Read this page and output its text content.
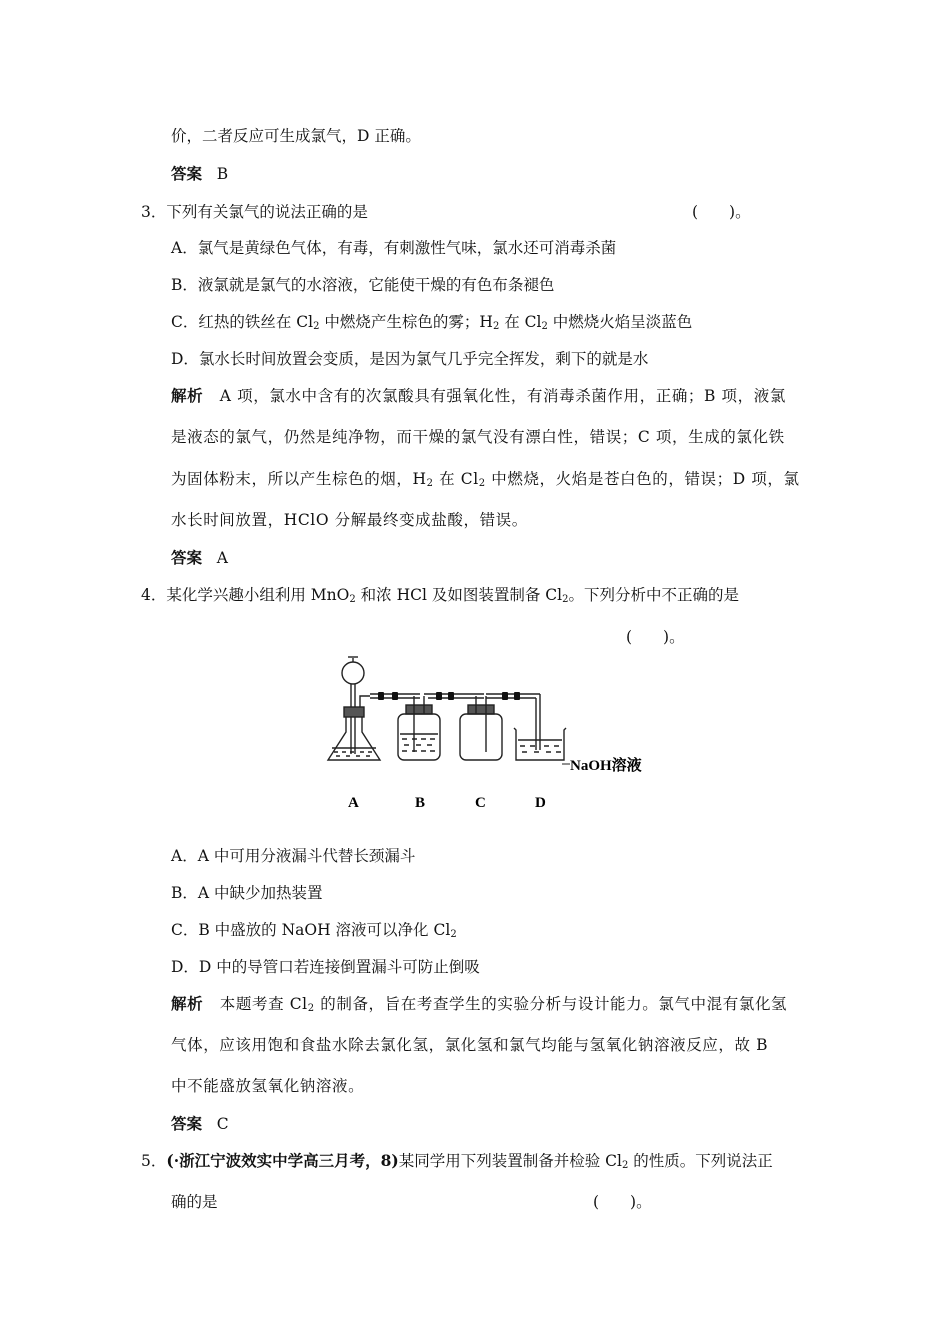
价，二者反应可生成氯气，D 正确。
答案 B
3．下列有关氯气的说法正确的是	(　　)。
A．氯气是黄绿色气体，有毒，有刺激性气味，氯水还可消毒杀菌
B．液氯就是氯气的水溶液，它能使干燥的有色布条褪色
C．红热的铁丝在 $Cl_2$ 中燃烧产生棕色的雾；$H_2$ 在 $Cl_2$ 中燃烧火焰呈淡蓝色
D．氯水长时间放置会变质，是因为氯气几乎完全挥发，剩下的就是水
解析 A 项，氯水中含有的次氯酸具有强氧化性，有消毒杀菌作用，正确；B 项，液氯
是液态的氯气，仍然是纯净物，而干燥的氯气没有漂白性，错误；C 项，生成的氯化铁
为固体粉末，所以产生棕色的烟，$H_2$ 在 $Cl_2$ 中燃烧，火焰是苍白色的，错误；D 项，氯
水长时间放置，HClO 分解最终变成盐酸，错误。
答案 A
4．某化学兴趣小组利用 MnO$_2$ 和浓 HCl 及如图装置制备 $Cl_2$。下列分析中不正确的是
(　　)。
A	B	C	D
NaOH溶液
A．A 中可用分液漏斗代替长颈漏斗
B．A 中缺少加热装置
C．B 中盛放的 NaOH 溶液可以净化 $Cl_2$
D．D 中的导管口若连接倒置漏斗可防止倒吸
解析 本题考查 $Cl_2$ 的制备，旨在考查学生的实验分析与设计能力。氯气中混有氯化氢
气体，应该用饱和食盐水除去氯化氢，氯化氢和氯气均能与氢氧化钠溶液反应，故 B
中不能盛放氢氧化钠溶液。
答案 C
5．(·浙江宁波效实中学高三月考，8)某同学用下列装置制备并检验 $Cl_2$ 的性质。下列说法正
确的是	(　　)。
